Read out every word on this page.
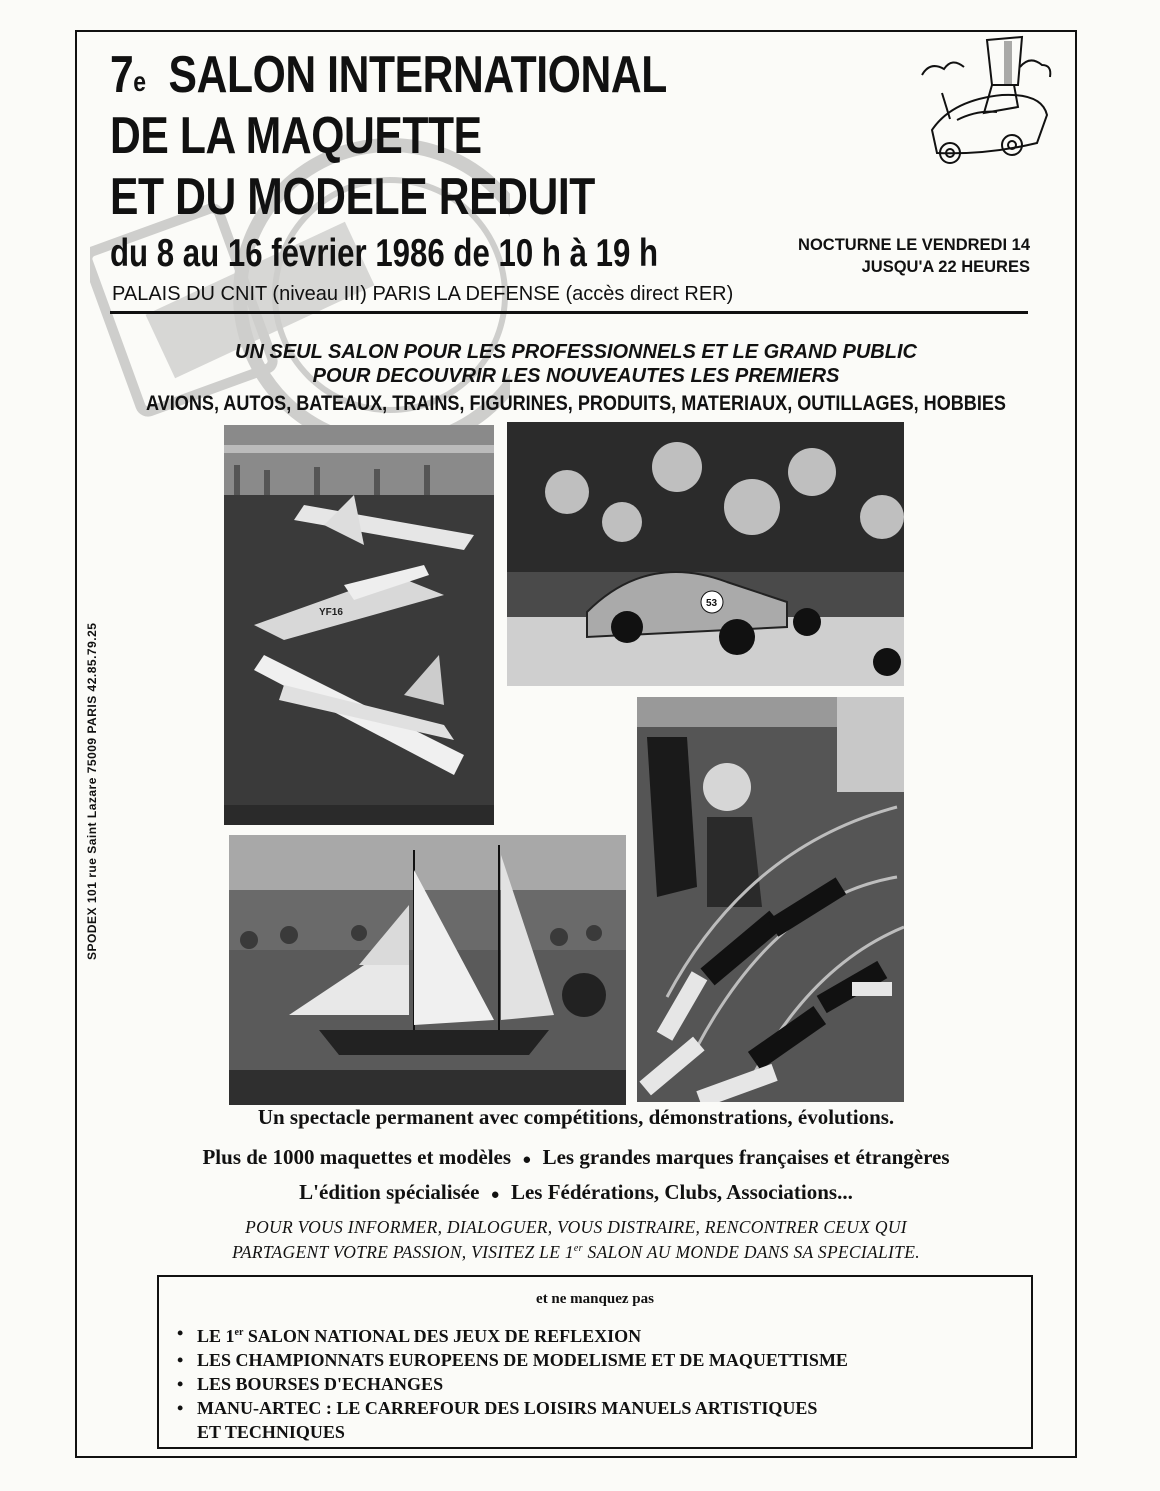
7e SALON INTERNATIONAL
DE LA MAQUETTE
ET DU MODELE REDUIT
du 8 au 16 février 1986 de 10 h à 19 h	NOCTURNE LE VENDREDI 14
JUSQU'A 22 HEURES
PALAIS DU CNIT (niveau III) PARIS LA DEFENSE (accès direct RER)
UN SEUL SALON POUR LES PROFESSIONNELS ET LE GRAND PUBLIC
POUR DECOUVRIR LES NOUVEAUTES LES PREMIERS
AVIONS, AUTOS, BATEAUX, TRAINS, FIGURINES, PRODUITS, MATERIAUX, OUTILLAGES, HOBBIES
SPODEX 101 rue Saint Lazare 75009 PARIS 42.85.79.25
YF16
53
Un spectacle permanent avec compétitions, démonstrations, évolutions.
Plus de 1000 maquettes et modèles ● Les grandes marques françaises et étrangères
L'édition spécialisée ● Les Fédérations, Clubs, Associations...
POUR VOUS INFORMER, DIALOGUER, VOUS DISTRAIRE, RENCONTRER CEUX QUI
PARTAGENT VOTRE PASSION, VISITEZ LE 1er SALON AU MONDE DANS SA SPECIALITE.
et ne manquez pas
• LE 1er SALON NATIONAL DES JEUX DE REFLEXION
• LES CHAMPIONNATS EUROPEENS DE MODELISME ET DE MAQUETTISME
• LES BOURSES D'ECHANGES
• MANU-ARTEC : LE CARREFOUR DES LOISIRS MANUELS ARTISTIQUES
ET TECHNIQUES
